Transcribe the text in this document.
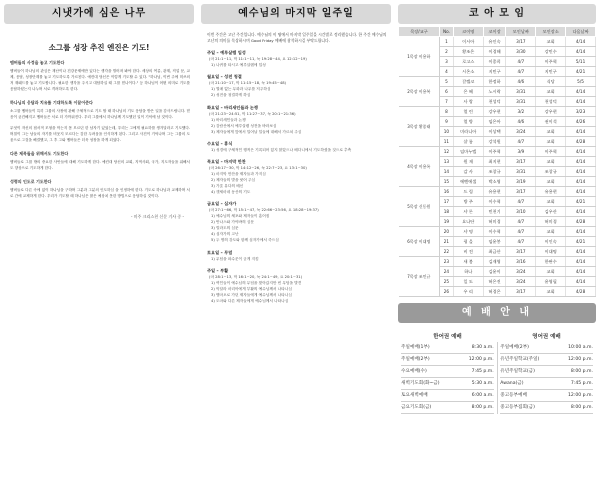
시냇가에 심은 나무
소그룹 성장 추진 엔진은 기도!
멤버들의 사정을 놓고 기도한다
멤버들이 하나님의 관심은 재난이나 건강문제에만 있다는 생각을 벌어져 봐야 한다. 세상의 여름, 관계, 직업 문, 교제, 응답, 성장단계를 놓고 기도하도록 가르친다. 예컨대 당신은 이렇게 기도할 수 있다. "하나님, 이번 주에 미쓰의 저 재패드를 놓고 기도합니다. 필요한 생각을 주시고 대답하실 때 그를 믿나이다." 등 하나님이 어떤 의미로 기도를 응답하셨는지 나누며 서로 격려하도록 한다.
하나님의 응답과 치유를 기대하도록 이끌어준다
소그룹 멤버들이 특히 그룹의 사정에 관해 구체적으로 기도 할 때 하나님의 기도 응답을 받은 일을 감사드립니다. 믿음이 균건해지고 멤버들은 서로 더 가까워진다. 우리 그룹에서 하나님께 기도했던 일이 기억에 남 것이다.
무엇이 자신의 접서적 모형을 막는지 몸 모르던 한 남자기 있었는데, 우리는 그에게 필요하를 생겨달라고 기도했다. 며칠이 그는 남들의 자기를 비웃지 모르다는 감한 두려움을 인식하게 된다. 그리고 사건이 기억나며 그는 그룹의 도움으로 그것을 해결했고, 그 후 그와 멤버들은 더욱 성장을 하게 되었다.
다른 제목들을 위해서도 기도한다
멤버들로 그룹 밖의 중요한 사안들에 대해 기도하게 한다. 예컨대 당신의 교회, 지역사회, 국가, 지도자들을 위해서도 향상으로 기도하게 한다.
성령의 인도로 기도한다
멤버들로 다른 속에 없이 하나님을 구하며 그분과 그분의 인도하심 을 인정하에 한다. 기도로 하나님과 교제하며 서로 간에 교제하게 한다. 우리가 기도할 때 하나님은 많은 예상치 못한 방법으로 응답하실 것이다.
- 미주 크리스천 신문 기사 중 -
예수님의 마지막 일주일
이번 주간은 고난 주간입니다. 예수님의 이 땅에서 마지막 일주일을 시간별로 정리했습니다. 한 주간 예수님의 고난의 의미를 묵상하시며 Good Friday 예배에 참석하시길 부탁드립니다.
주일 – 예루살렘 입성
(마 21:1~11, 막 11:1~11, 눅 19:28~44, 요 12:12~19)
1) 나귀를 타시고 예루살렘에 입성
월요일 – 성전 청결
(마 21:10~17, 막 11:15~18, 눅 19:45~48)
1) 열매 없는 무화과 나무를 저주하심
2) 성전을 청결하게 하심
화요일 – 바리새인들과 논쟁
(마 21:23~24:51, 막 11:27~37, 눅 20:1~21:36)
1) 바리새인들과 논쟁
2) 감람산에서 예루살렘 성전을 바라보심
3) 제자들에게 앞에서 일어날 일들에 대해서 가르쳐 주심
수요일 – 휴식
1) 성경에 구체적인 행적은 기록되어 있지 않았으나 베다니에서 기도하셨을 것으로 추측
목요일 – 마지막 만찬
(마 26:17~30, 막 14:12~26, 눅 22:7~23, 요 13:1~30)
1) 마지막 만찬을 제자들과 가지심
2) 제자들의 발을 씻어 주심
3) 가롯 유다의 배신
4) 겟세마네 동산의 기도
금요일 – 십자가
(마 27:1~66, 막 15:1~47, 눅 22:66~23:56, 요 18:28~19:37)
1) 예수님의 체포와 제자들이 흩어짐
2) 안나스와 가야바의 심문
3) 빌라도의 심문
4) 십자가의 고난
5) 두 명의 강도와 함께 십자가에서 죽으심
토요일 – 무덤
1) 무덤을 파수꾼이 굳게 지킴
주일 – 부활
(마 28:1~13, 막 16:1~20, 눅 24:1~49, 요 20:1~31)
1) 여인들이 예수님의 무덤을 찾아갔지만 빈 무덤을 발견
2) 막달라 마리아에게 부활의 예수님께서 나타나심
3) 엠마오로 가던 제자들에게 예수님께서 나타나심
4) 도마와 다른 제자들에게 예수님께서 나타나심
코 아 모 임
목장/교구	No.	코이명	코이장	모인날짜	모인장소	다음날짜
1목장 이용하	1	이시아	유인숙	3/17	교회	4/14
	2	황조은	이경해	3/30	강민수	4/14
	3	로고스	이종희	4/7	이주혁	5/11
	4	시온소	지민구	4/7	지민구	4/21
2목장 이용복	5	갈렙코	한정하	4/6	식당	5/5
	6	은 혜	노시락	3/31	교회	4/14
	7	사 랑	천성덕	3/31	천성덕	4/14
3목장 황종태	8	열 린	강우현	3/2	강우현	3/23
	9	열 방	임은아	4/6	권이석	4/26
	10	미라니아	이상택	3/24	교회	4/14
	11	샬 롬	강석원	4/7	교회	4/28
4목장 이용록	12	임마누엘	이주혁	3/9	이주혁	4/14
	13	원 재	최지현	3/17	교회	4/14
	14	감 사	조창규	3/31	조창규	4/14
	15	에벤에셀	박소영	3/19	교회	4/14
5목장 신동원	16	드 림	유용현	3/17	유용현	4/14
	17	방 주	이수혁	4/7	교회	4/21
	18	샤 론	민천기	3/10	김우산	4/14
	19	요나단	허미경	4/7	허미경	4/28
6목장 이대명	20	샤 명	이수혁	4/7	교회	4/14
	21	평 을	임윤봉	4/7	이인숙	4/21
	22	비 전	최금산	3/17	이대명	4/14
7목장 조인규	23	새 봄	김재영	3/16	한판수	4/14
	24	하나	김윤이	3/24	교회	4/14
	25	일 도	허은진	3/24	윤영필	4/14
	26	우 리	허경은	3/17	교회	4/28
예 배 안 내
한어권 예배	영어권 예배
주일예배(1부)	8:30 a.m.
주일예배(2부)	12:00 p.m.
수요예배(수)	7:45 p.m.
새벽기도회(화~금)	5:30 a.m.
토요새벽예배	6:00 a.m.
금요기도회(금)	8:00 p.m.
주일예배(2부)	10:00 a.m.
유년주일학교(주일)	12:00 p.m.
유년주일학교(금)	8:00 p.m.
Awana(금)	7:45 p.m.
중고등부예배	12:00 p.m.
중고등부집회(금)	8:00 p.m.
